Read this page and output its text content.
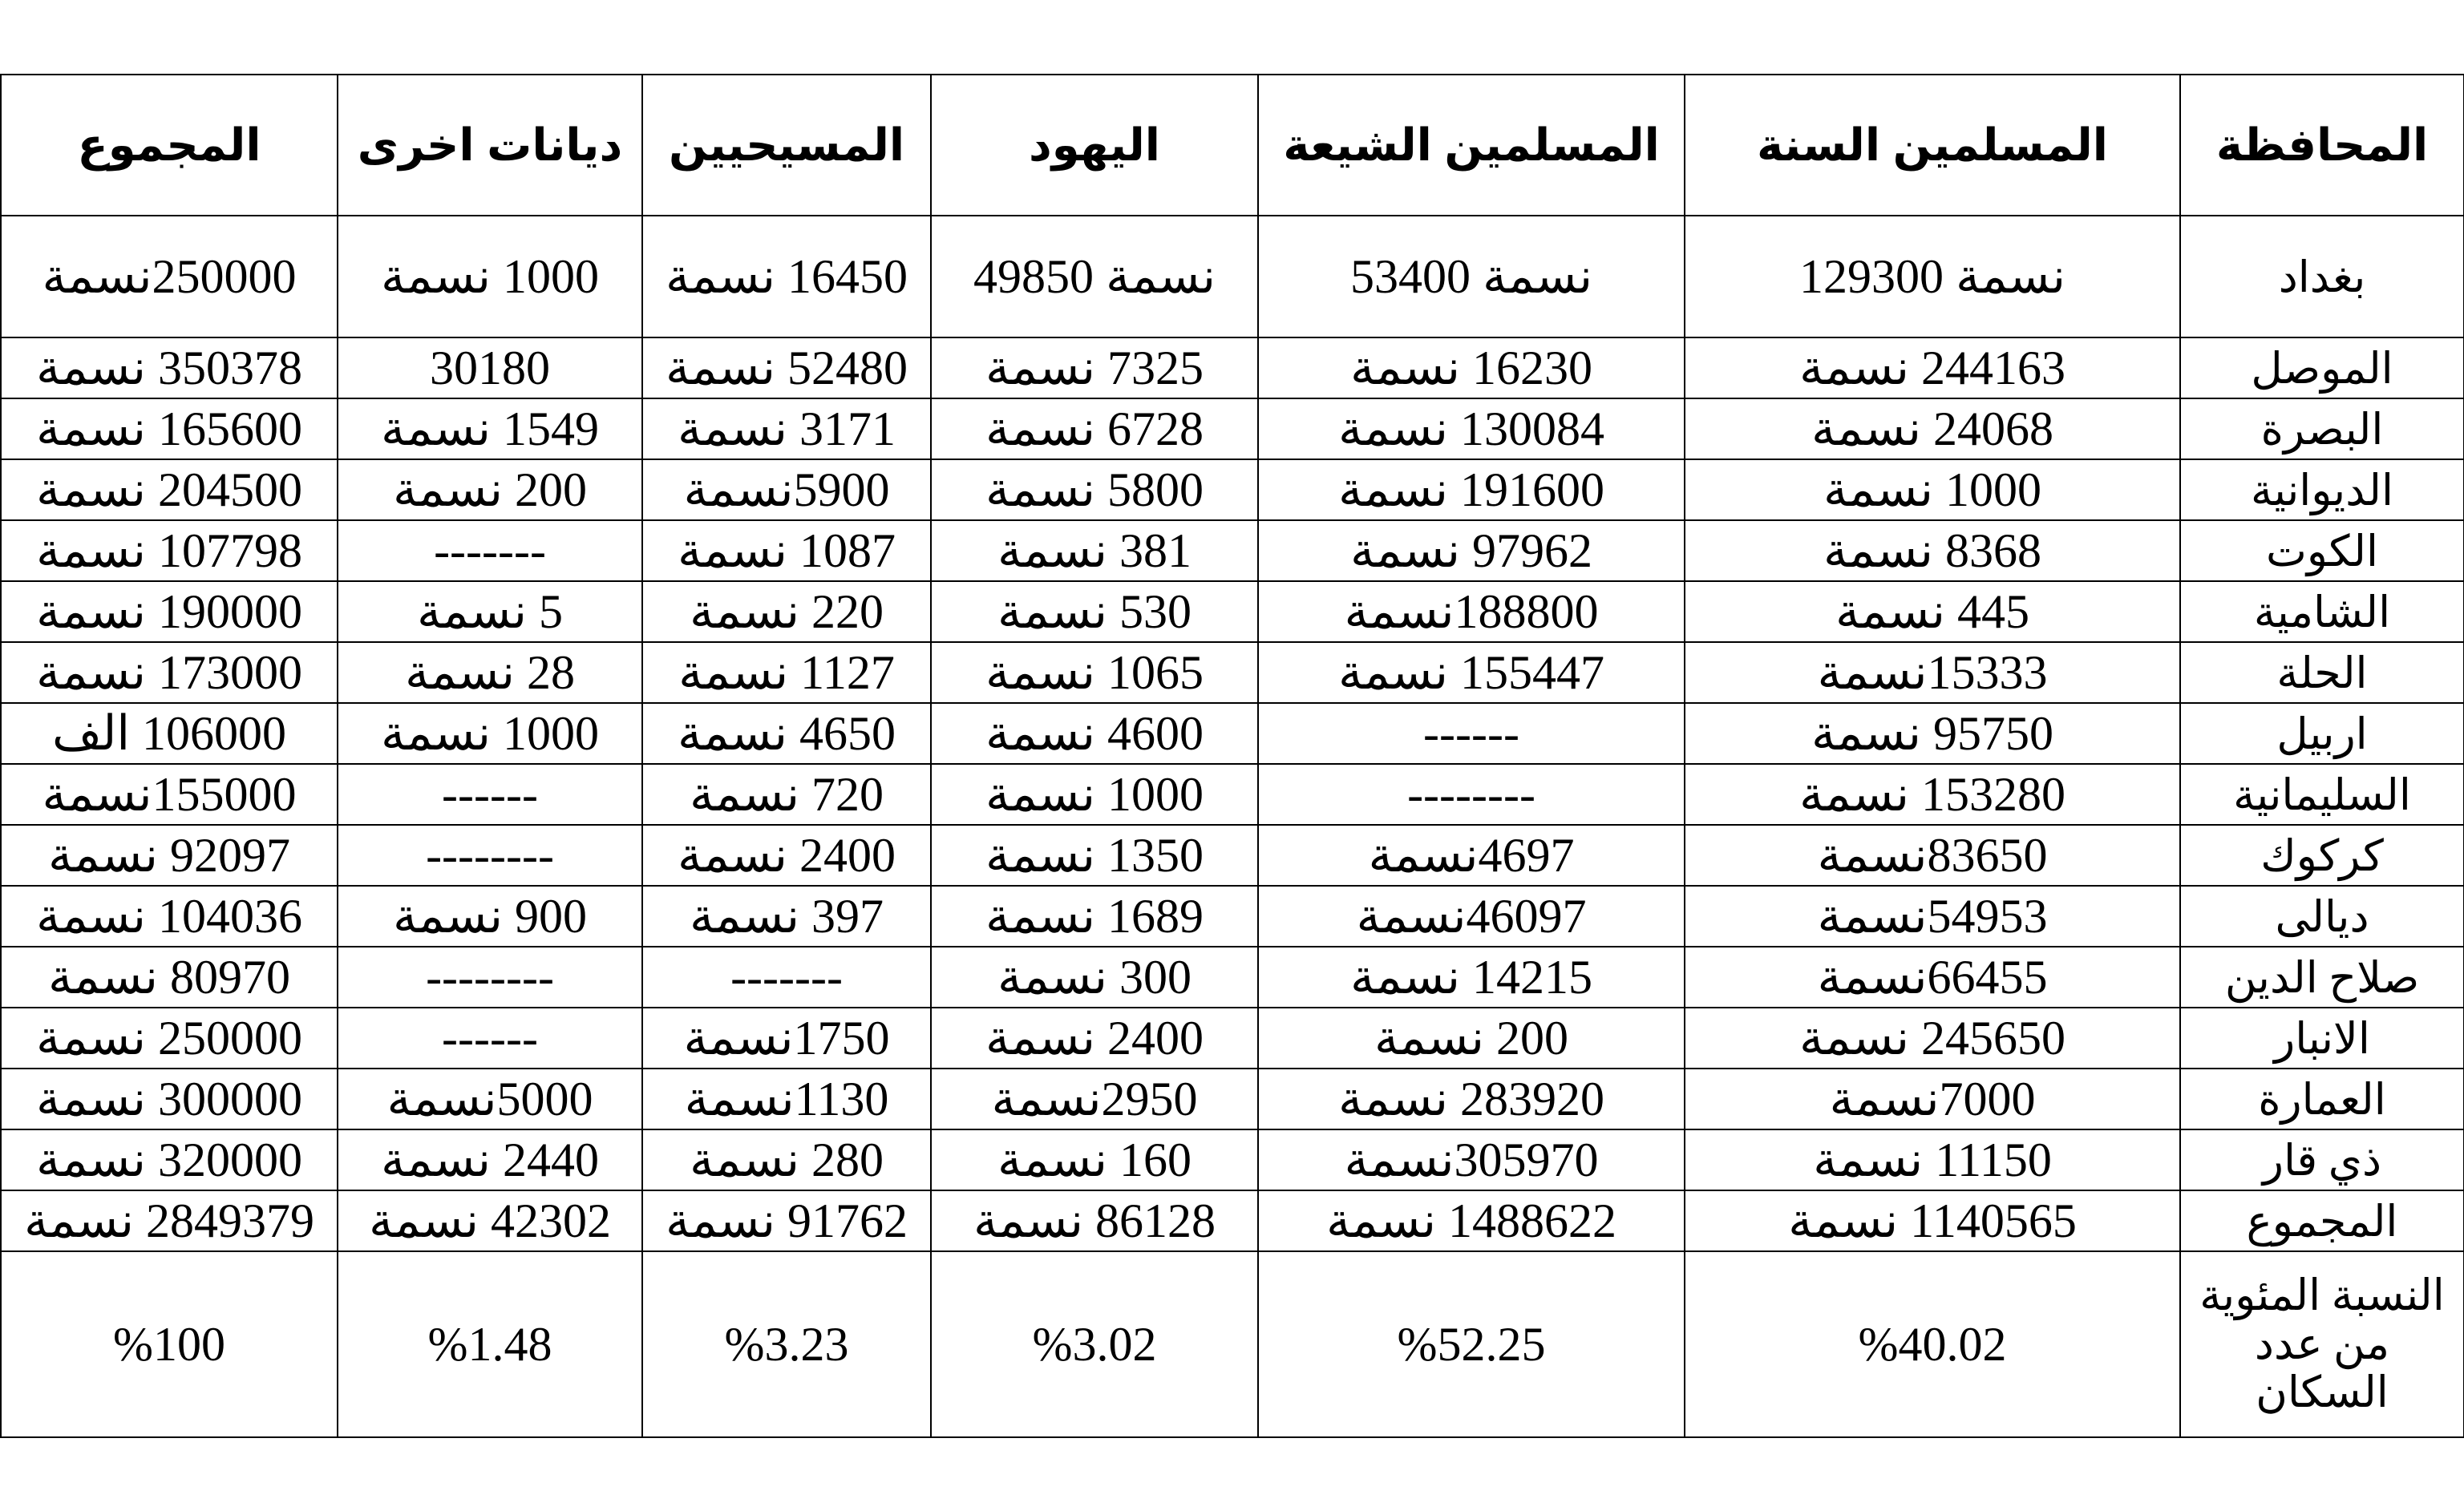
المحافظة	المسلمين السنة	المسلمين الشيعة	اليهود	المسيحيين	ديانات اخرى	المجموع
بغداد	نسمة 129300	نسمة 53400	نسمة 49850	16450 نسمة	1000 نسمة	250000نسمة
الموصل	244163 نسمة	16230 نسمة	7325 نسمة	52480 نسمة	30180	350378 نسمة
البصرة	24068 نسمة	130084 نسمة	6728 نسمة	3171 نسمة	1549 نسمة	165600 نسمة
الديوانية	1000 نسمة	191600 نسمة	5800 نسمة	5900نسمة	200 نسمة	204500 نسمة
الكوت	8368 نسمة	97962 نسمة	381 نسمة	1087 نسمة	-------	107798 نسمة
الشامية	445 نسمة	188800نسمة	530 نسمة	220 نسمة	5 نسمة	190000 نسمة
الحلة	15333نسمة	155447 نسمة	1065 نسمة	1127 نسمة	28 نسمة	173000 نسمة
اربيل	95750 نسمة	------	4600 نسمة	4650 نسمة	1000 نسمة	106000 الف
السليمانية	153280 نسمة	--------	1000 نسمة	720 نسمة	------	155000نسمة
كركوك	83650نسمة	4697نسمة	1350 نسمة	2400 نسمة	--------	92097 نسمة
ديالى	54953نسمة	46097نسمة	1689 نسمة	397 نسمة	900 نسمة	104036 نسمة
صلاح الدين	66455نسمة	14215 نسمة	300 نسمة	-------	--------	80970 نسمة
الانبار	245650 نسمة	200 نسمة	2400 نسمة	1750نسمة	------	250000 نسمة
العمارة	7000نسمة	283920 نسمة	2950نسمة	1130نسمة	5000نسمة	300000 نسمة
ذي قار	11150 نسمة	305970نسمة	160 نسمة	280 نسمة	2440 نسمة	320000 نسمة
المجموع	1140565 نسمة	1488622 نسمة	86128 نسمة	91762 نسمة	42302 نسمة	2849379 نسمة
النسبة المئوية من عدد السكان	%40.02	%52.25	%3.02	%3.23	%1.48	%100
